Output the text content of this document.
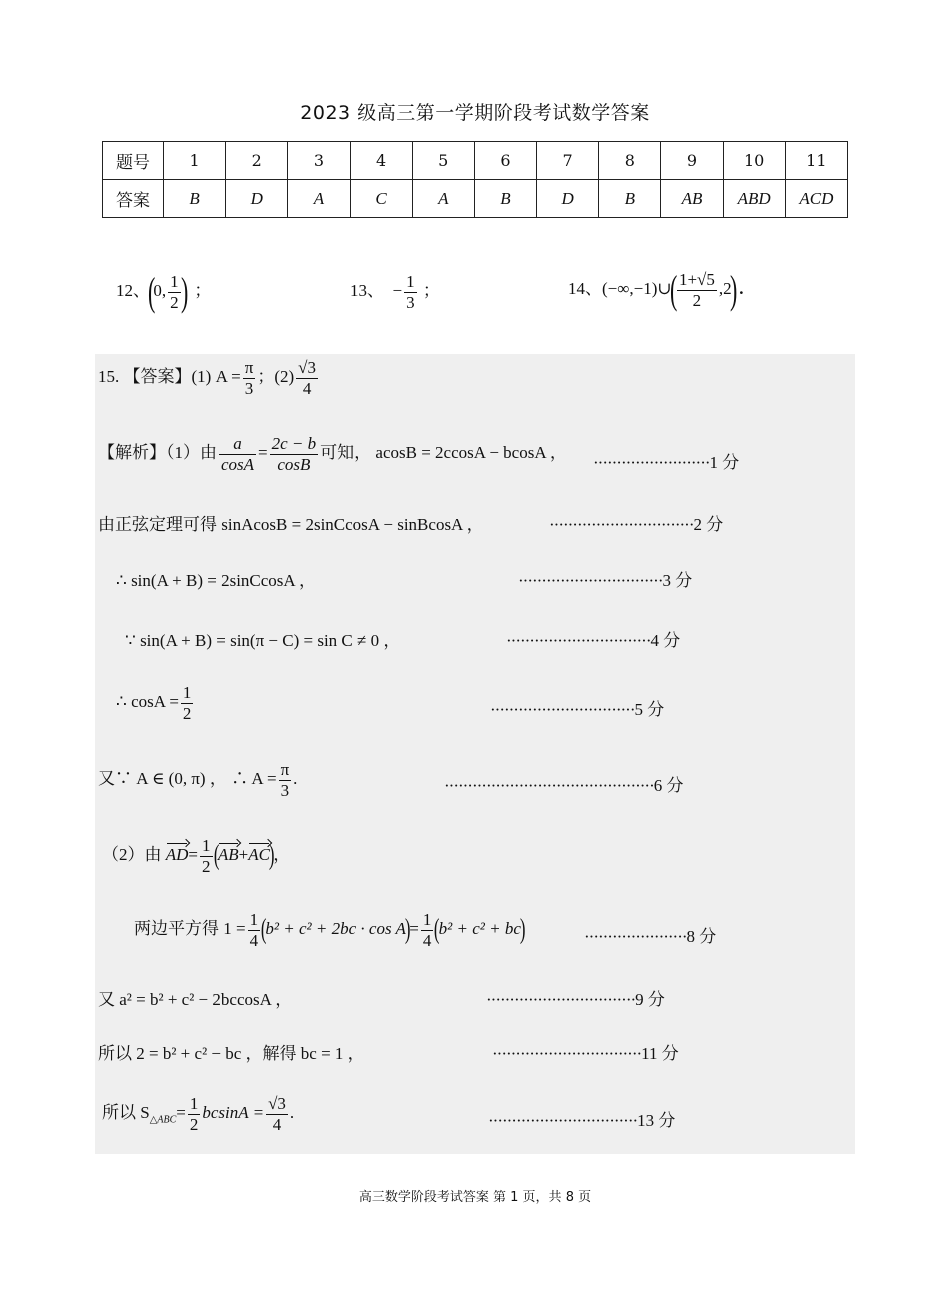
2023 级高三第一学期阶段考试数学答案
题号	1	2	3	4	5	6	7	8	9	10	11
答案	B	D	A	C	A	B	D	B	AB	ABD	ACD
12、(0, $\frac{1}{2}$ ) ；	13、 − $\frac{1}{3}$ ；	14、(−∞,−1)∪( $\frac{1+√5}{2} ,2$) .
15. 【答案】(1) $A = \frac{\pi}{3}$ ；$(2) \frac{√3}{4}$
【解析】（1）由 $\frac{a}{\cos A} = \frac{2c - b}{\cos B}$ 可知， acosB = 2ccosA − bcosA ，
·························1 分
由正弦定理可得 sinAcosB = 2sinCcosA − sinBcosA ，	·······························2 分
∴ sin(A + B) = 2sinCcosA ，	·······························3 分
∵ sin(A + B) = sin(π − C) = sin C ≠ 0 ，	·······························4 分
∴ $\cos A = \frac{1}{2}$	·······························5 分
又∵ A ∈ (0, π) ， ∴ $A = \frac{\pi}{3}$ .	·············································6 分
（2）由 $AD= \frac{1}{2} (AB+AC)$，
两边平方得 $1 = \frac{1}{4} (b^2 + c^2 + 2bc \cdot \cos A)= \frac{1}{4} (b^2 + c^2 + bc)$	······················8 分
又 a² = b² + c² − 2bccosA ，	································9 分
所以 2 = b² + c² − bc ，解得 bc = 1 ，	································11 分
所以 $S_{\triangle ABC}= \frac{1}{2}$ $bcsinA = \frac{√3}{4}$ .	································13 分
高三数学阶段考试答案 第 1 页，共 8 页
